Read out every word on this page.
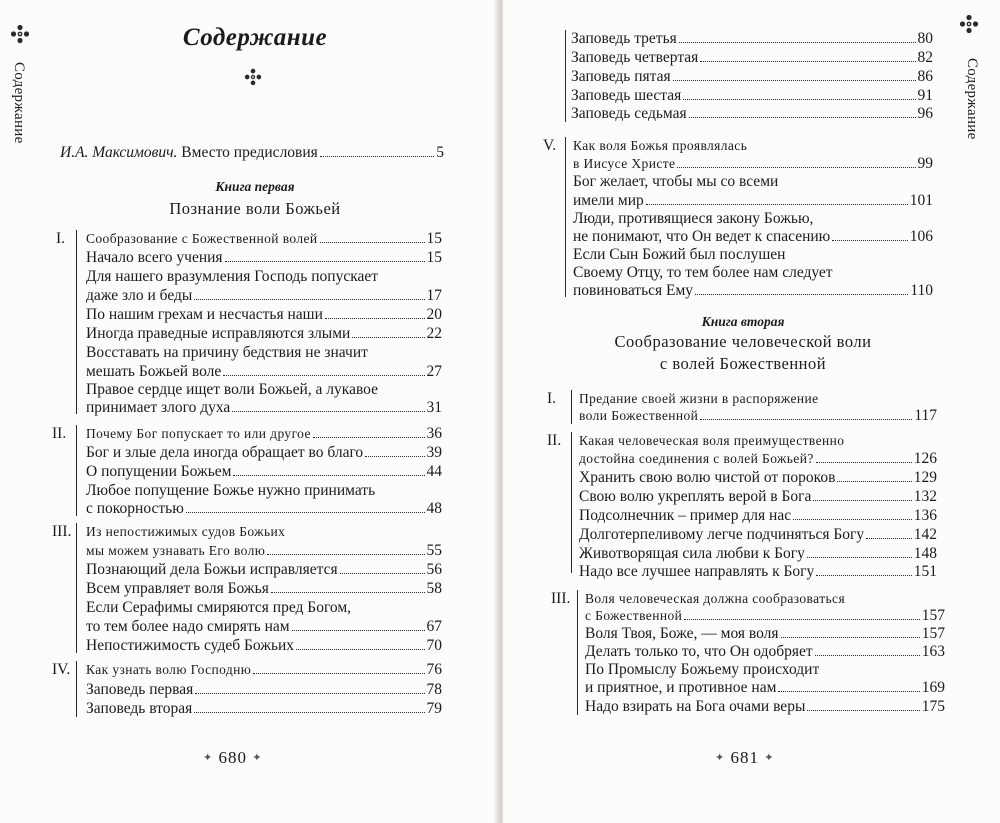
Содержание
Содержание
И.А. Максимович. Вместо предисловия	5
Книга первая
Познание воли Божьей
I. Сообразование с Божественной волей	15
Начало всего учения	15
Для нашего вразумления Господь попускает
даже зло и беды	17
По нашим грехам и несчастья наши	20
Иногда праведные исправляются злыми	22
Восставать на причину бедствия не значит
мешать Божьей воле	27
Правое сердце ищет воли Божьей, а лукавое
принимает злого духа	31
II. Почему Бог попускает то или другое	36
Бог и злые дела иногда обращает во благо	39
О попущении Божьем	44
Любое попущение Божье нужно принимать
с покорностью	48
III. Из непостижимых судов Божьих
мы можем узнавать Его волю	55
Познающий дела Божьи исправляется	56
Всем управляет воля Божья	58
Если Серафимы смиряются пред Богом,
то тем более надо смирять нам	67
Непостижимость судеб Божьих	70
IV. Как узнать волю Господню	76
Заповедь первая	78
Заповедь вторая	79
✦ 680 ✦
Содержание
Заповедь третья	80
Заповедь четвертая	82
Заповедь пятая	86
Заповедь шестая	91
Заповедь седьмая	96
V. Как воля Божья проявлялась
в Иисусе Христе	99
Бог желает, чтобы мы со всеми
имели мир	101
Люди, противящиеся закону Божью,
не понимают, что Он ведет к спасению	106
Если Сын Божий был послушен
Своему Отцу, то тем более нам следует
повиноваться Ему	110
Книга вторая
Сообразование человеческой воли
с волей Божественной
I. Предание своей жизни в распоряжение
воли Божественной	117
II. Какая человеческая воля преимущественно
достойна соединения с волей Божьей?	126
Хранить свою волю чистой от пороков	129
Свою волю укреплять верой в Бога	132
Подсолнечник – пример для нас	136
Долготерпеливому легче подчиняться Богу	142
Животворящая сила любви к Богу	148
Надо все лучшее направлять к Богу	151
III. Воля человеческая должна сообразоваться
с Божественной	157
Воля Твоя, Боже, — моя воля	157
Делать только то, что Он одобряет	163
По Промыслу Божьему происходит
и приятное, и противное нам	169
Надо взирать на Бога очами веры	175
✦ 681 ✦
